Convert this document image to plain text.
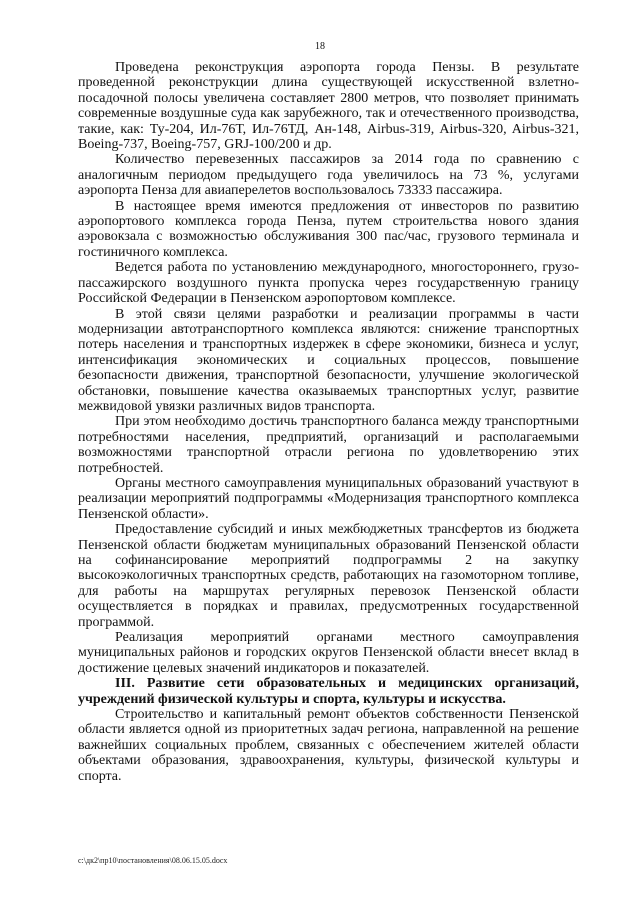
18

Проведена реконструкция аэропорта города Пензы. В результате проведенной реконструкции длина существующей искусственной взлетно-посадочной полосы увеличена составляет 2800 метров, что позволяет принимать современные воздушные суда как зарубежного, так и отечественного производства, такие, как: Ту-204, Ил-76Т, Ил-76ТД, Ан-148, Airbus-319, Airbus-320, Airbus-321, Boeing-737, Boeing-757, GRJ-100/200 и др.

Количество перевезенных пассажиров за 2014 года по сравнению с аналогичным периодом предыдущего года увеличилось на 73 %, услугами аэропорта Пенза для авиаперелетов воспользовалось 73333 пассажира.

В настоящее время имеются предложения от инвесторов по развитию аэропортового комплекса города Пенза, путем строительства нового здания аэровокзала с возможностью обслуживания 300 пас/час, грузового терминала и гостиничного комплекса.

Ведется работа по установлению международного, многостороннего, грузо-пассажирского воздушного пункта пропуска через государственную границу Российской Федерации в Пензенском аэропортовом комплексе.

В этой связи целями разработки и реализации программы в части модернизации автотранспортного комплекса являются: снижение транспортных потерь населения и транспортных издержек в сфере экономики, бизнеса и услуг, интенсификация экономических и социальных процессов, повышение безопасности движения, транспортной безопасности, улучшение экологической обстановки, повышение качества оказываемых транспортных услуг, развитие межвидовой увязки различных видов транспорта.

При этом необходимо достичь транспортного баланса между транспортными потребностями населения, предприятий, организаций и располагаемыми возможностями транспортной отрасли региона по удовлетворению этих потребностей.

Органы местного самоуправления муниципальных образований участвуют в реализации мероприятий подпрограммы «Модернизация транспортного комплекса Пензенской области».

Предоставление субсидий и иных межбюджетных трансфертов из бюджета Пензенской области бюджетам муниципальных образований Пензенской области на софинансирование мероприятий подпрограммы 2 на закупку высокоэкологичных транспортных средств, работающих на газомоторном топливе, для работы на маршрутах регулярных перевозок Пензенской области осуществляется в порядках и правилах, предусмотренных государственной программой.

Реализация мероприятий органами местного самоуправления муниципальных районов и городских округов Пензенской области внесет вклад в достижение целевых значений индикаторов и показателей.

III. Развитие сети образовательных и медицинских организаций, учреждений физической культуры и спорта, культуры и искусства.

Строительство и капитальный ремонт объектов собственности Пензенской области является одной из приоритетных задач региона, направленной на решение важнейших социальных проблем, связанных с обеспечением жителей области объектами образования, здравоохранения, культуры, физической культуры и спорта.

c:\дк2\пр10\постановления\08.06.15.05.docx
